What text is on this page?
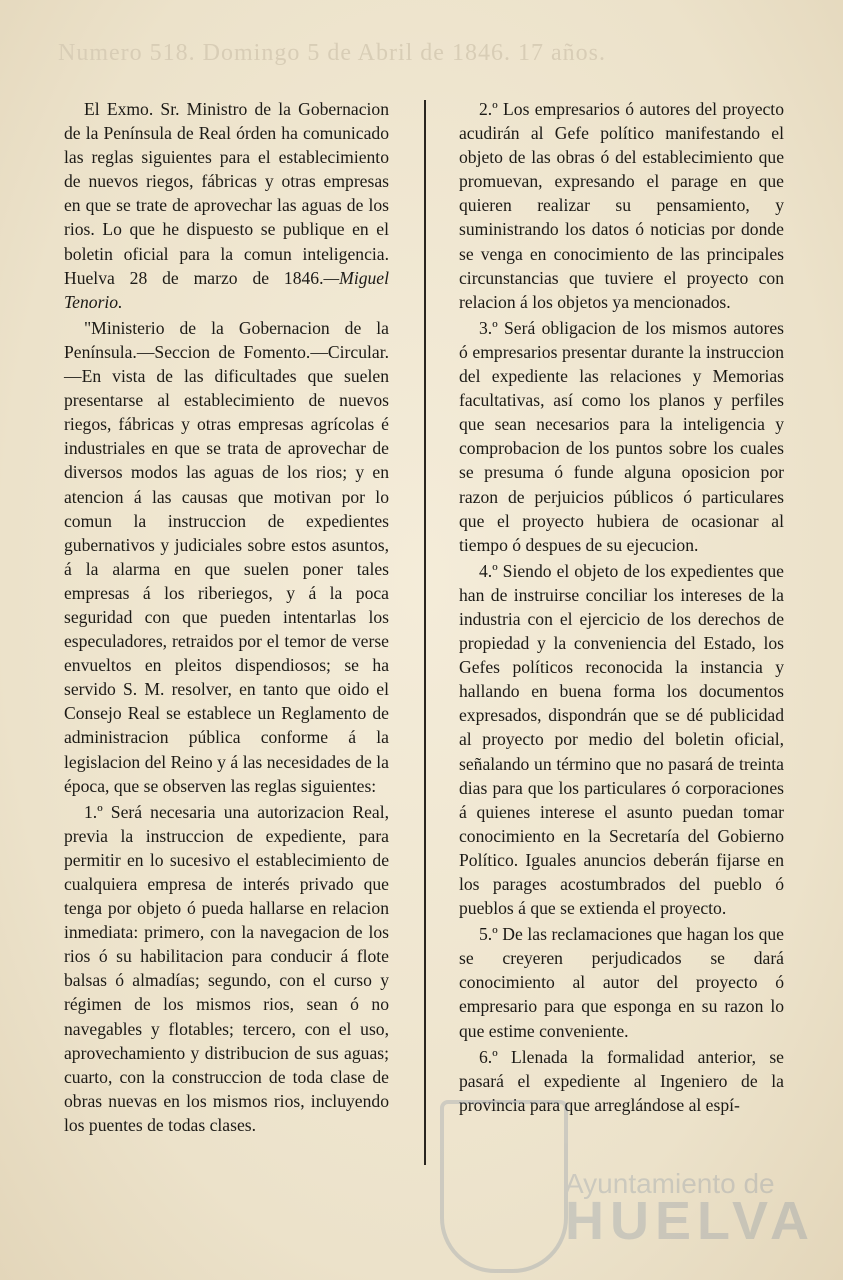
Numero 518. Domingo 5 de Abril de 1846. 17 años.

El Exmo. Sr. Ministro de la Gobernacion de la Península de Real órden ha comunicado las reglas siguientes para el establecimiento de nuevos riegos, fábricas y otras empresas en que se trate de aprovechar las aguas de los rios. Lo que he dispuesto se publique en el boletin oficial para la comun inteligencia. Huelva 28 de marzo de 1846.—Miguel Tenorio.

"Ministerio de la Gobernacion de la Península.—Seccion de Fomento.—Circular.—En vista de las dificultades que suelen presentarse al establecimiento de nuevos riegos, fábricas y otras empresas agrícolas é industriales en que se trata de aprovechar de diversos modos las aguas de los rios; y en atencion á las causas que motivan por lo comun la instruccion de expedientes gubernativos y judiciales sobre estos asuntos, á la alarma en que suelen poner tales empresas á los riberiegos, y á la poca seguridad con que pueden intentarlas los especuladores, retraidos por el temor de verse envueltos en pleitos dispendiosos; se ha servido S. M. resolver, en tanto que oido el Consejo Real se establece un Reglamento de administracion pública conforme á la legislacion del Reino y á las necesidades de la época, que se observen las reglas siguientes:

1.º Será necesaria una autorizacion Real, previa la instruccion de expediente, para permitir en lo sucesivo el establecimiento de cualquiera empresa de interés privado que tenga por objeto ó pueda hallarse en relacion inmediata: primero, con la navegacion de los rios ó su habilitacion para conducir á flote balsas ó almadías; segundo, con el curso y régimen de los mismos rios, sean ó no navegables y flotables; tercero, con el uso, aprovechamiento y distribucion de sus aguas; cuarto, con la construccion de toda clase de obras nuevas en los mismos rios, incluyendo los puentes de todas clases.

2.º Los empresarios ó autores del proyecto acudirán al Gefe político manifestando el objeto de las obras ó del establecimiento que promuevan, expresando el parage en que quieren realizar su pensamiento, y suministrando los datos ó noticias por donde se venga en conocimiento de las principales circunstancias que tuviere el proyecto con relacion á los objetos ya mencionados.

3.º Será obligacion de los mismos autores ó empresarios presentar durante la instruccion del expediente las relaciones y Memorias facultativas, así como los planos y perfiles que sean necesarios para la inteligencia y comprobacion de los puntos sobre los cuales se presuma ó funde alguna oposicion por razon de perjuicios públicos ó particulares que el proyecto hubiera de ocasionar al tiempo ó despues de su ejecucion.

4.º Siendo el objeto de los expedientes que han de instruirse conciliar los intereses de la industria con el ejercicio de los derechos de propiedad y la conveniencia del Estado, los Gefes políticos reconocida la instancia y hallando en buena forma los documentos expresados, dispondrán que se dé publicidad al proyecto por medio del boletin oficial, señalando un término que no pasará de treinta dias para que los particulares ó corporaciones á quienes interese el asunto puedan tomar conocimiento en la Secretaría del Gobierno Político. Iguales anuncios deberán fijarse en los parages acostumbrados del pueblo ó pueblos á que se extienda el proyecto.

5.º De las reclamaciones que hagan los que se creyeren perjudicados se dará conocimiento al autor del proyecto ó empresario para que esponga en su razon lo que estime conveniente.

6.º Llenada la formalidad anterior, se pasará el expediente al Ingeniero de la provincia para que arreglándose al espí-

Ayuntamiento de
HUELVA
